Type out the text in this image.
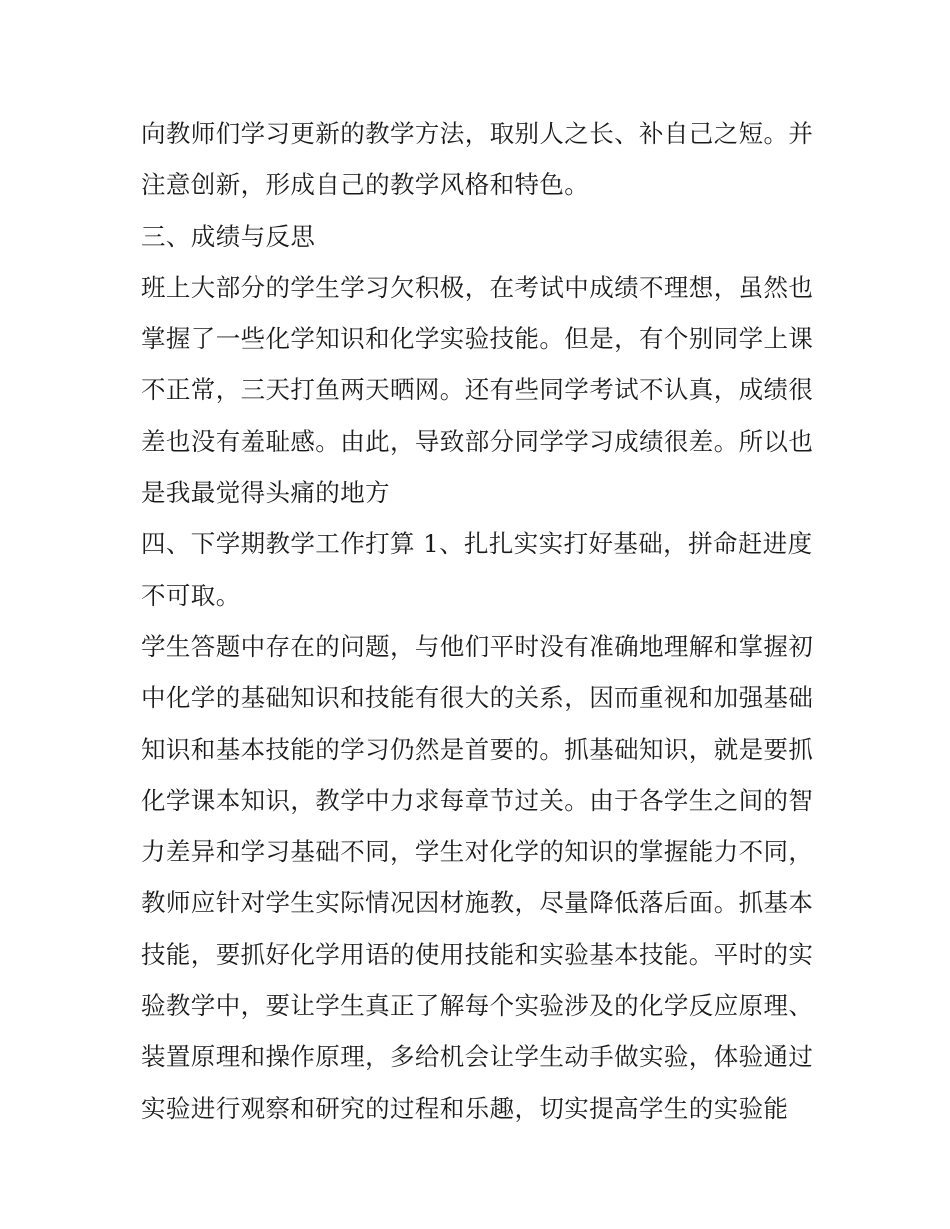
向教师们学习更新的教学方法，取别人之长、补自己之短。并
注意创新，形成自己的教学风格和特色。
三、成绩与反思
班上大部分的学生学习欠积极，在考试中成绩不理想，虽然也
掌握了一些化学知识和化学实验技能。但是，有个别同学上课
不正常，三天打鱼两天晒网。还有些同学考试不认真，成绩很
差也没有羞耻感。由此，导致部分同学学习成绩很差。所以也
是我最觉得头痛的地方
四、下学期教学工作打算 1、扎扎实实打好基础，拼命赶进度
不可取。
学生答题中存在的问题，与他们平时没有准确地理解和掌握初
中化学的基础知识和技能有很大的关系，因而重视和加强基础
知识和基本技能的学习仍然是首要的。抓基础知识，就是要抓
化学课本知识，教学中力求每章节过关。由于各学生之间的智
力差异和学习基础不同，学生对化学的知识的掌握能力不同，
教师应针对学生实际情况因材施教，尽量降低落后面。抓基本
技能，要抓好化学用语的使用技能和实验基本技能。平时的实
验教学中，要让学生真正了解每个实验涉及的化学反应原理、
装置原理和操作原理，多给机会让学生动手做实验，体验通过
实验进行观察和研究的过程和乐趣，切实提高学生的实验能
